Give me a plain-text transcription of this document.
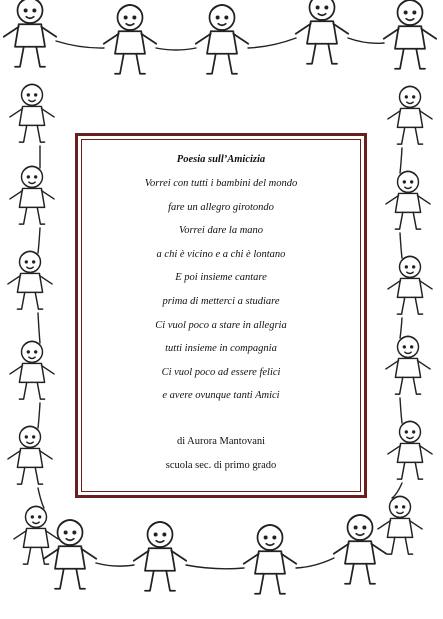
Poesia sull’Amicizia
Vorrei con tutti i bambini del mondo
fare un allegro girotondo
Vorrei dare la mano
a chi è vicino e a chi è lontano
E poi insieme cantare
prima di metterci a studiare
Ci vuol poco a stare in allegria
tutti insieme in compagnia
Ci vuol poco ad essere felici
e avere ovunque tanti Amici
di Aurora Mantovani
scuola sec. di primo grado
